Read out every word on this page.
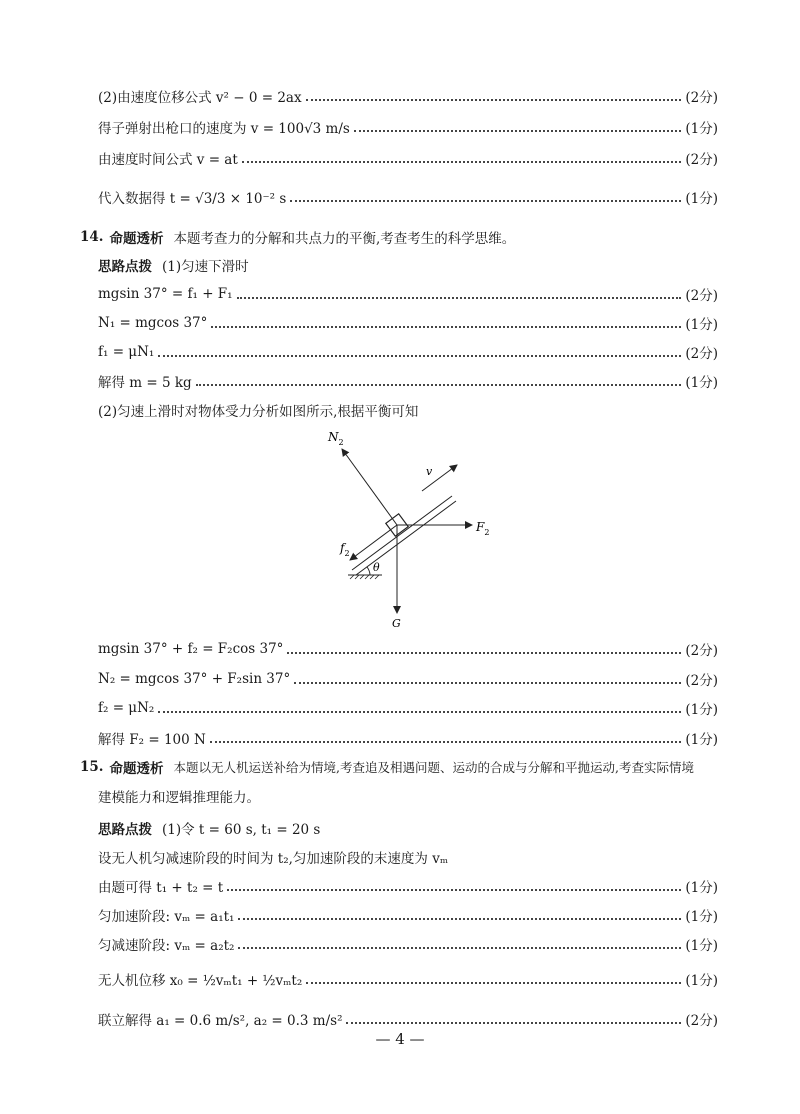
(2)由速度位移公式 v² − 0 = 2ax	(2分)
得子弹射出枪口的速度为 v = 100√3 m/s	(1分)
由速度时间公式 v = at	(2分)
代入数据得 t = √3/3 × 10⁻² s	(1分)
14. 命题透析 本题考查力的分解和共点力的平衡,考查考生的科学思维。
思路点拨 (1)匀速下滑时
mgsin 37° = f₁ + F₁	(2分)
N₁ = mgcos 37°	(1分)
f₁ = μN₁	(2分)
解得 m = 5 kg	(1分)
(2)匀速上滑时对物体受力分析如图所示,根据平衡可知
θ
$N_2$
v
$F_2$
$f_2$
G
mgsin 37° + f₂ = F₂cos 37°	(2分)
N₂ = mgcos 37° + F₂sin 37°	(2分)
f₂ = μN₂	(1分)
解得 F₂ = 100 N	(1分)
15. 命题透析 本题以无人机运送补给为情境,考查追及相遇问题、运动的合成与分解和平抛运动,考查实际情境
建模能力和逻辑推理能力。
思路点拨 (1)令 t = 60 s, t₁ = 20 s
设无人机匀减速阶段的时间为 t₂,匀加速阶段的末速度为 vₘ
由题可得 t₁ + t₂ = t	(1分)
匀加速阶段: vₘ = a₁t₁	(1分)
匀减速阶段: vₘ = a₂t₂	(1分)
无人机位移 x₀ = ½vₘt₁ + ½vₘt₂	(1分)
联立解得 a₁ = 0.6 m/s², a₂ = 0.3 m/s²	(2分)
— 4 —
